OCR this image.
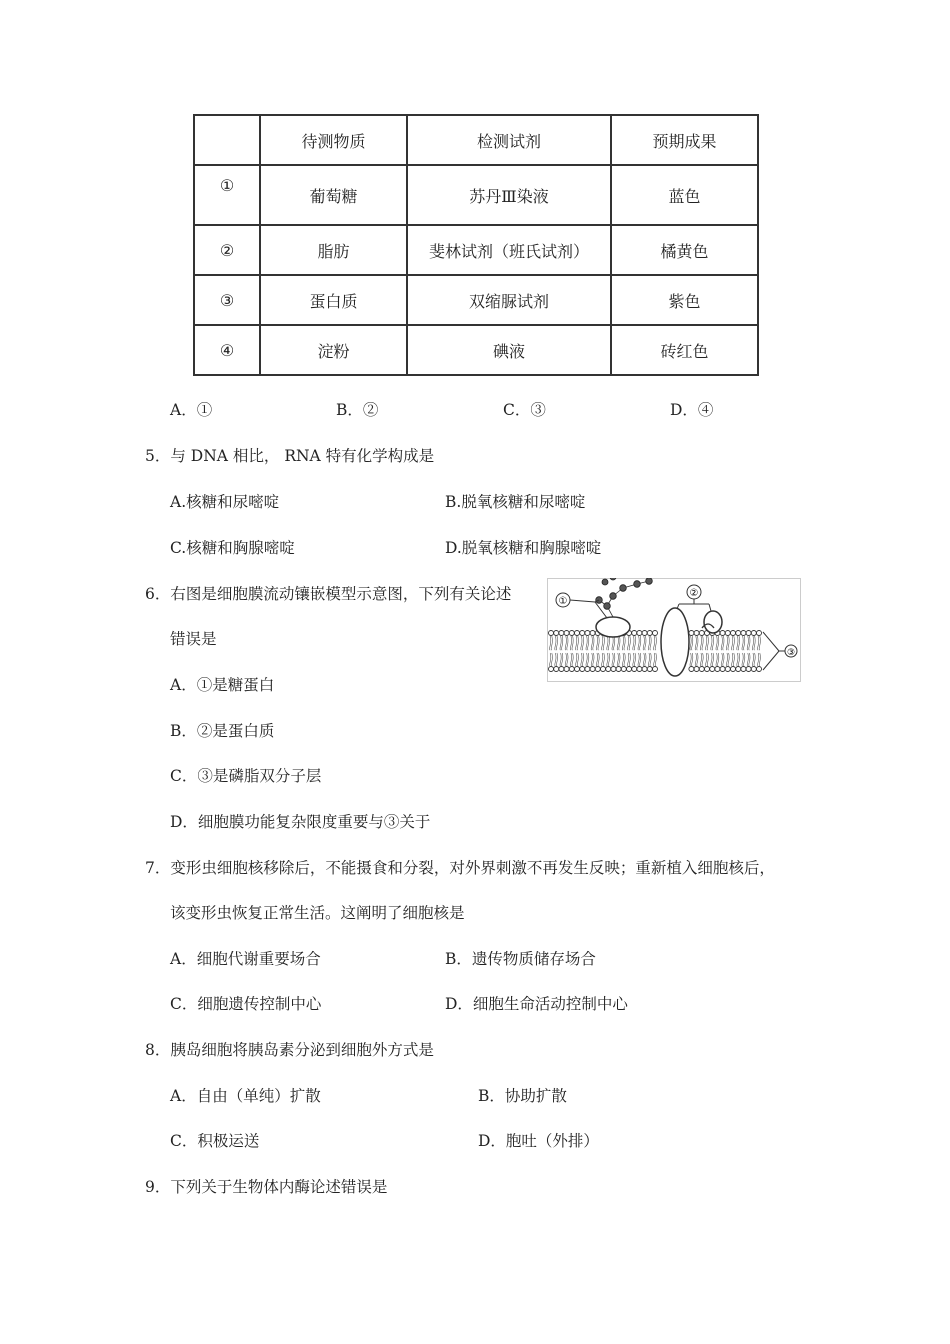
	待测物质	检测试剂	预期成果
①	葡萄糖	苏丹Ⅲ染液	蓝色
②	脂肪	斐林试剂（班氏试剂）	橘黄色
③	蛋白质	双缩脲试剂	紫色
④	淀粉	碘液	砖红色
A．①	B．②	C．③	D．④
5．与 DNA 相比， RNA 特有化学构成是
A.核糖和尿嘧啶	B.脱氧核糖和尿嘧啶
C.核糖和胸腺嘧啶	D.脱氧核糖和胸腺嘧啶
6．右图是细胞膜流动镶嵌模型示意图，下列有关论述
错误是
A．①是糖蛋白
B．②是蛋白质
C．③是磷脂双分子层
D．细胞膜功能复杂限度重要与③关于
①
②
③
7．变形虫细胞核移除后，不能摄食和分裂，对外界刺激不再发生反映；重新植入细胞核后，
该变形虫恢复正常生活。这阐明了细胞核是
A．细胞代谢重要场合	B．遗传物质储存场合
C．细胞遗传控制中心	D．细胞生命活动控制中心
8．胰岛细胞将胰岛素分泌到细胞外方式是
A．自由（单纯）扩散	B．协助扩散
C．积极运送	D．胞吐（外排）
9．下列关于生物体内酶论述错误是
